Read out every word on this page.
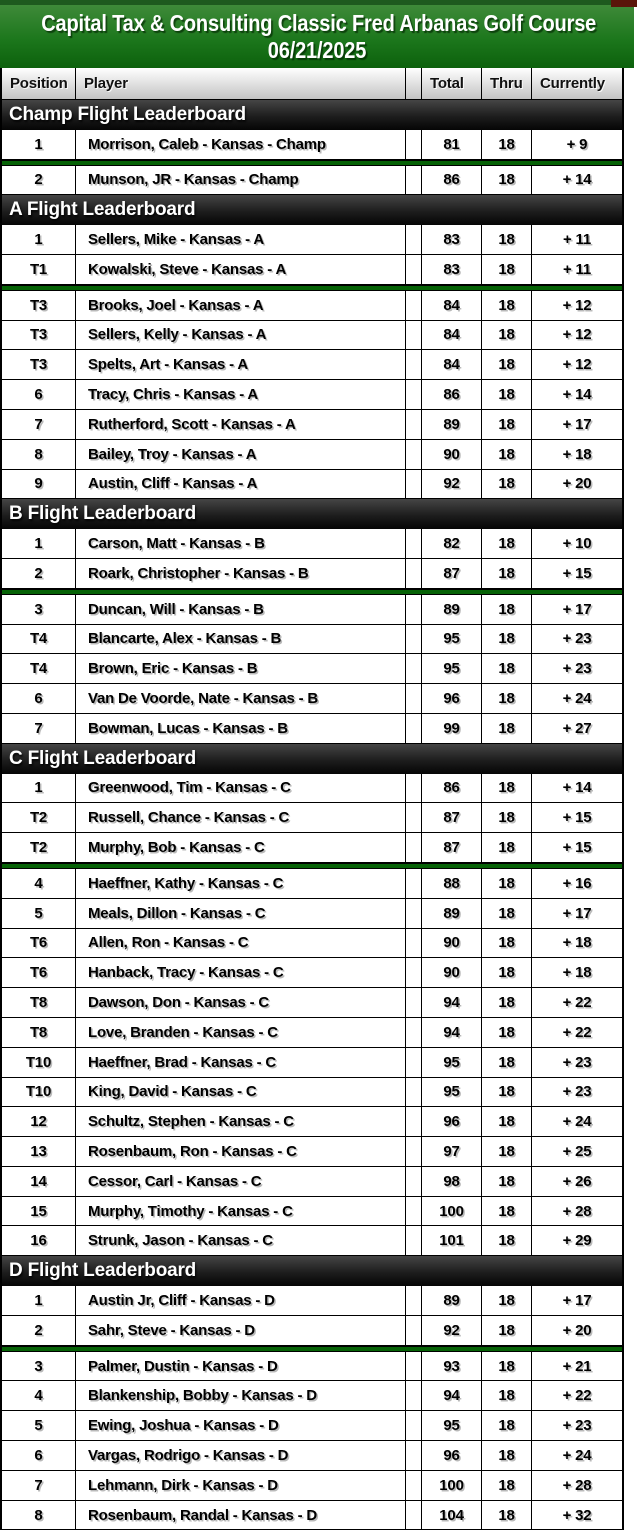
Capital Tax & Consulting Classic Fred Arbanas Golf Course
06/21/2025
Position	Player	Total	Thru	Currently
Champ Flight Leaderboard
1	Morrison, Caleb - Kansas - Champ	81	18	+ 9
2	Munson, JR - Kansas - Champ	86	18	+ 14
A Flight Leaderboard
1	Sellers, Mike - Kansas - A	83	18	+ 11
T1	Kowalski, Steve - Kansas - A	83	18	+ 11
T3	Brooks, Joel - Kansas - A	84	18	+ 12
T3	Sellers, Kelly - Kansas - A	84	18	+ 12
T3	Spelts, Art - Kansas - A	84	18	+ 12
6	Tracy, Chris - Kansas - A	86	18	+ 14
7	Rutherford, Scott - Kansas - A	89	18	+ 17
8	Bailey, Troy - Kansas - A	90	18	+ 18
9	Austin, Cliff - Kansas - A	92	18	+ 20
B Flight Leaderboard
1	Carson, Matt - Kansas - B	82	18	+ 10
2	Roark, Christopher - Kansas - B	87	18	+ 15
3	Duncan, Will - Kansas - B	89	18	+ 17
T4	Blancarte, Alex - Kansas - B	95	18	+ 23
T4	Brown, Eric - Kansas - B	95	18	+ 23
6	Van De Voorde, Nate - Kansas - B	96	18	+ 24
7	Bowman, Lucas - Kansas - B	99	18	+ 27
C Flight Leaderboard
1	Greenwood, Tim - Kansas - C	86	18	+ 14
T2	Russell, Chance - Kansas - C	87	18	+ 15
T2	Murphy, Bob - Kansas - C	87	18	+ 15
4	Haeffner, Kathy - Kansas - C	88	18	+ 16
5	Meals, Dillon - Kansas - C	89	18	+ 17
T6	Allen, Ron - Kansas - C	90	18	+ 18
T6	Hanback, Tracy - Kansas - C	90	18	+ 18
T8	Dawson, Don - Kansas - C	94	18	+ 22
T8	Love, Branden - Kansas - C	94	18	+ 22
T10	Haeffner, Brad - Kansas - C	95	18	+ 23
T10	King, David - Kansas - C	95	18	+ 23
12	Schultz, Stephen - Kansas - C	96	18	+ 24
13	Rosenbaum, Ron - Kansas - C	97	18	+ 25
14	Cessor, Carl - Kansas - C	98	18	+ 26
15	Murphy, Timothy - Kansas - C	100	18	+ 28
16	Strunk, Jason - Kansas - C	101	18	+ 29
D Flight Leaderboard
1	Austin Jr, Cliff - Kansas - D	89	18	+ 17
2	Sahr, Steve - Kansas - D	92	18	+ 20
3	Palmer, Dustin - Kansas - D	93	18	+ 21
4	Blankenship, Bobby - Kansas - D	94	18	+ 22
5	Ewing, Joshua - Kansas - D	95	18	+ 23
6	Vargas, Rodrigo - Kansas - D	96	18	+ 24
7	Lehmann, Dirk - Kansas - D	100	18	+ 28
8	Rosenbaum, Randal - Kansas - D	104	18	+ 32
